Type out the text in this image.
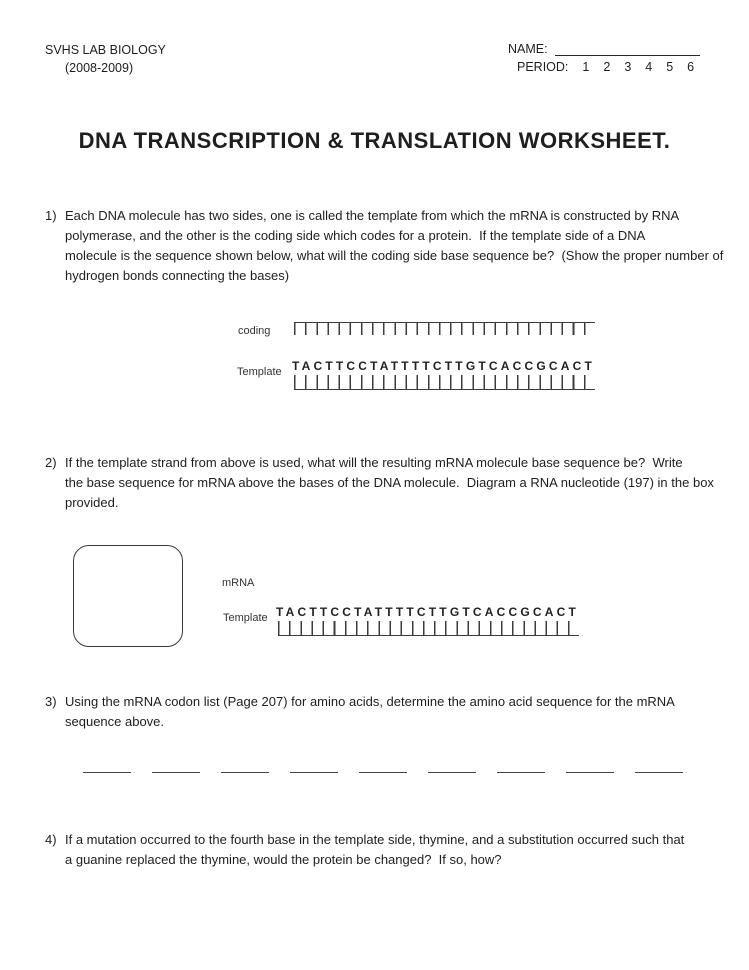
SVHS LAB BIOLOGY
(2008-2009)
NAME:
PERIOD: 1 2 3 4 5 6
DNA TRANSCRIPTION & TRANSLATION WORKSHEET.
1) Each DNA molecule has two sides, one is called the template from which the mRNA is constructed by RNA
polymerase, and the other is the coding side which codes for a protein.  If the template side of a DNA
molecule is the sequence shown below, what will the coding side base sequence be?  (Show the proper number of
hydrogen bonds connecting the bases)
coding
Template TACTTCCTATTTTCTTGTCACCGCACT
2) If the template strand from above is used, what will the resulting mRNA molecule base sequence be?  Write
the base sequence for mRNA above the bases of the DNA molecule.  Diagram a RNA nucleotide (197) in the box
provided.
mRNA
Template TACTTCCTATTTTCTTGTCACCGCACT
3) Using the mRNA codon list (Page 207) for amino acids, determine the amino acid sequence for the mRNA
sequence above.
4) If a mutation occurred to the fourth base in the template side, thymine, and a substitution occurred such that
a guanine replaced the thymine, would the protein be changed?  If so, how?
